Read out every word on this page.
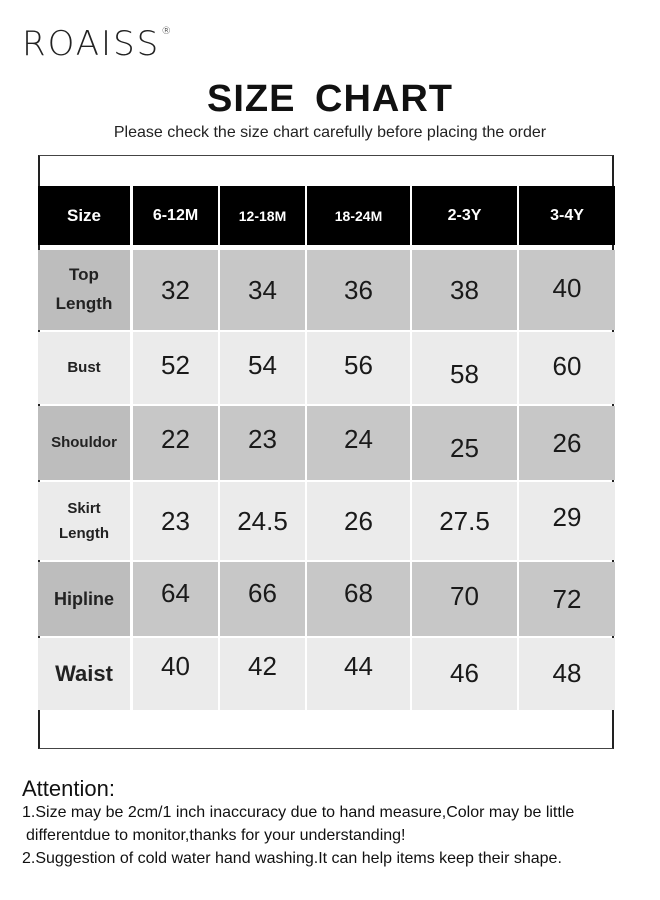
ROAISS®
SIZE CHART
Please check the size chart carefully before placing the order
Size	6-12M	12-18M	18-24M	2-3Y	3-4Y
Top
Length	32 34	36	38	40
Bust	52 54	56	58	60
Shouldor	22 23	24	25	26
Skirt
Length	23 24.5 26	27.5 29
Hipline	64 66	68	70	72
Waist	40 42	44	46	48
Attention:
1.Size may be 2cm/1 inch inaccuracy due to hand measure,Color may be little
differentdue to monitor,thanks for your understanding!
2.Suggestion of cold water hand washing.It can help items keep their shape.
